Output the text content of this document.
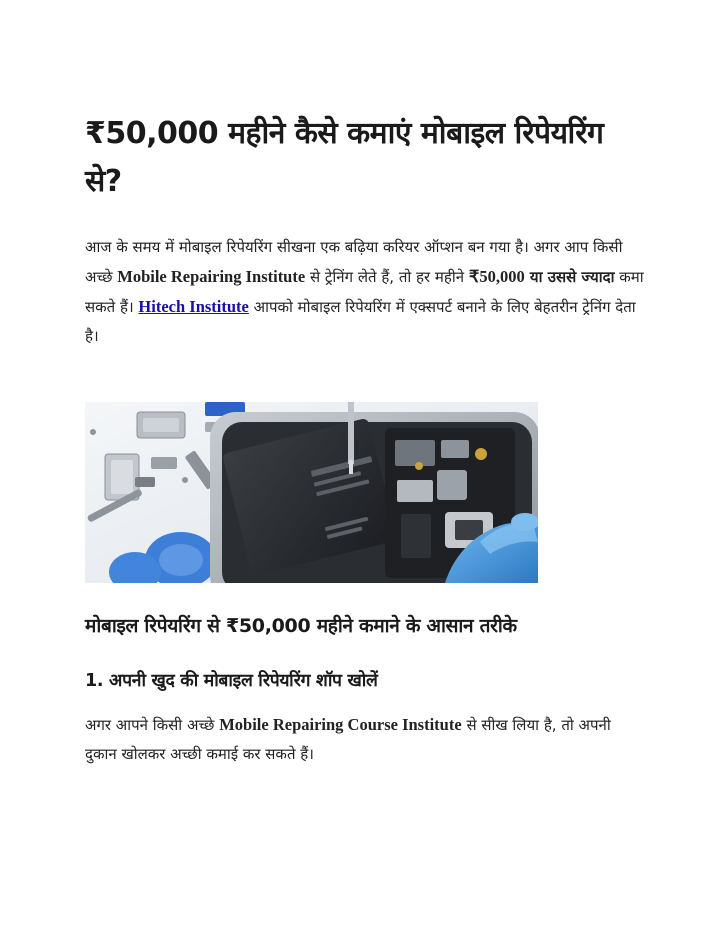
₹50,000 महीने कैसे कमाएं मोबाइल रिपेयरिंग से?

आज के समय में मोबाइल रिपेयरिंग सीखना एक बढ़िया करियर ऑप्शन बन गया है। अगर आप किसी अच्छे Mobile Repairing Institute से ट्रेनिंग लेते हैं, तो हर महीने ₹50,000 या उससे ज्यादा कमा सकते हैं। Hitech Institute आपको मोबाइल रिपेयरिंग में एक्सपर्ट बनाने के लिए बेहतरीन ट्रेनिंग देता है।

मोबाइल रिपेयरिंग से ₹50,000 महीने कमाने के आसान तरीके
1. अपनी खुद की मोबाइल रिपेयरिंग शॉप खोलें

अगर आपने किसी अच्छे Mobile Repairing Course Institute से सीख लिया है, तो अपनी दुकान खोलकर अच्छी कमाई कर सकते हैं।
